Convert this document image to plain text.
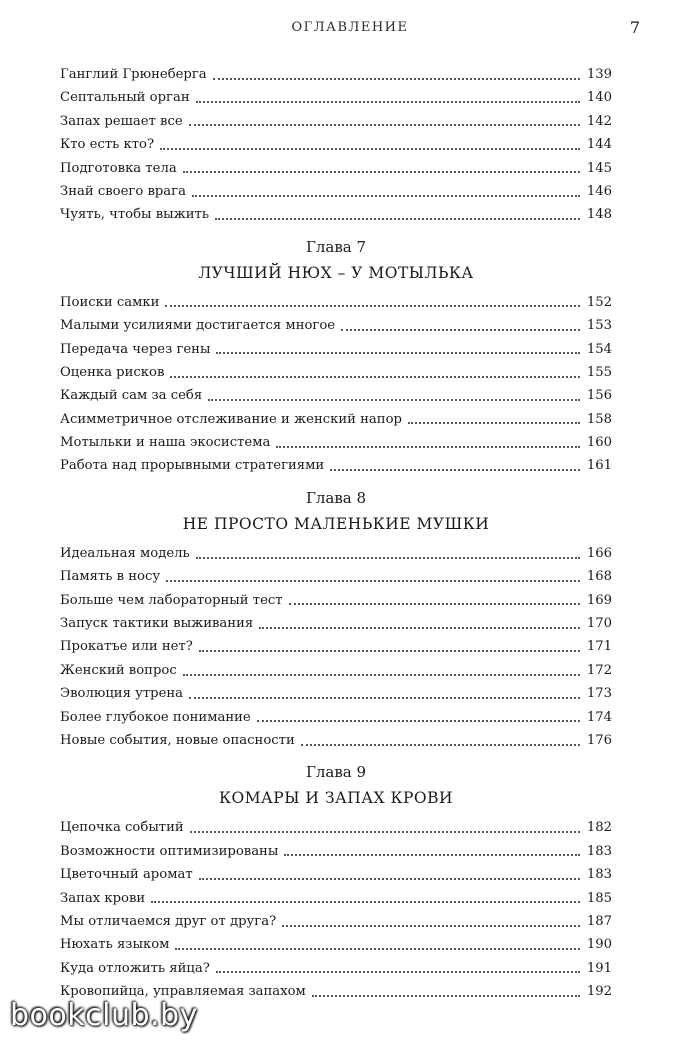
ОГЛАВЛЕНИЕ	7
Ганглий Грюнеберга	139
Септальный орган	140
Запах решает все	142
Кто есть кто?	144
Подготовка тела	145
Знай своего врага	146
Чуять, чтобы выжить	148
Глава 7
ЛУЧШИЙ НЮХ – У МОТЫЛЬКА
Поиски самки	152
Малыми усилиями достигается многое	153
Передача через гены	154
Оценка рисков	155
Каждый сам за себя	156
Асимметричное отслеживание и женский напор	158
Мотыльки и наша экосистема	160
Работа над прорывными стратегиями	161
Глава 8
НЕ ПРОСТО МАЛЕНЬКИЕ МУШКИ
Идеальная модель	166
Память в носу	168
Больше чем лабораторный тест	169
Запуск тактики выживания	170
Прокатъе или нет?	171
Женский вопрос	172
Эволюция утрена	173
Более глубокое понимание	174
Новые события, новые опасности	176
Глава 9
КОМАРЫ И ЗАПАХ КРОВИ
Цепочка событий	182
Возможности оптимизированы	183
Цветочный аромат	183
Запах крови	185
Мы отличаемся друг от друга?	187
Нюхать языком	190
Куда отложить яйца?	191
Кровопийца, управляемая запахом	192
bookclub.by
